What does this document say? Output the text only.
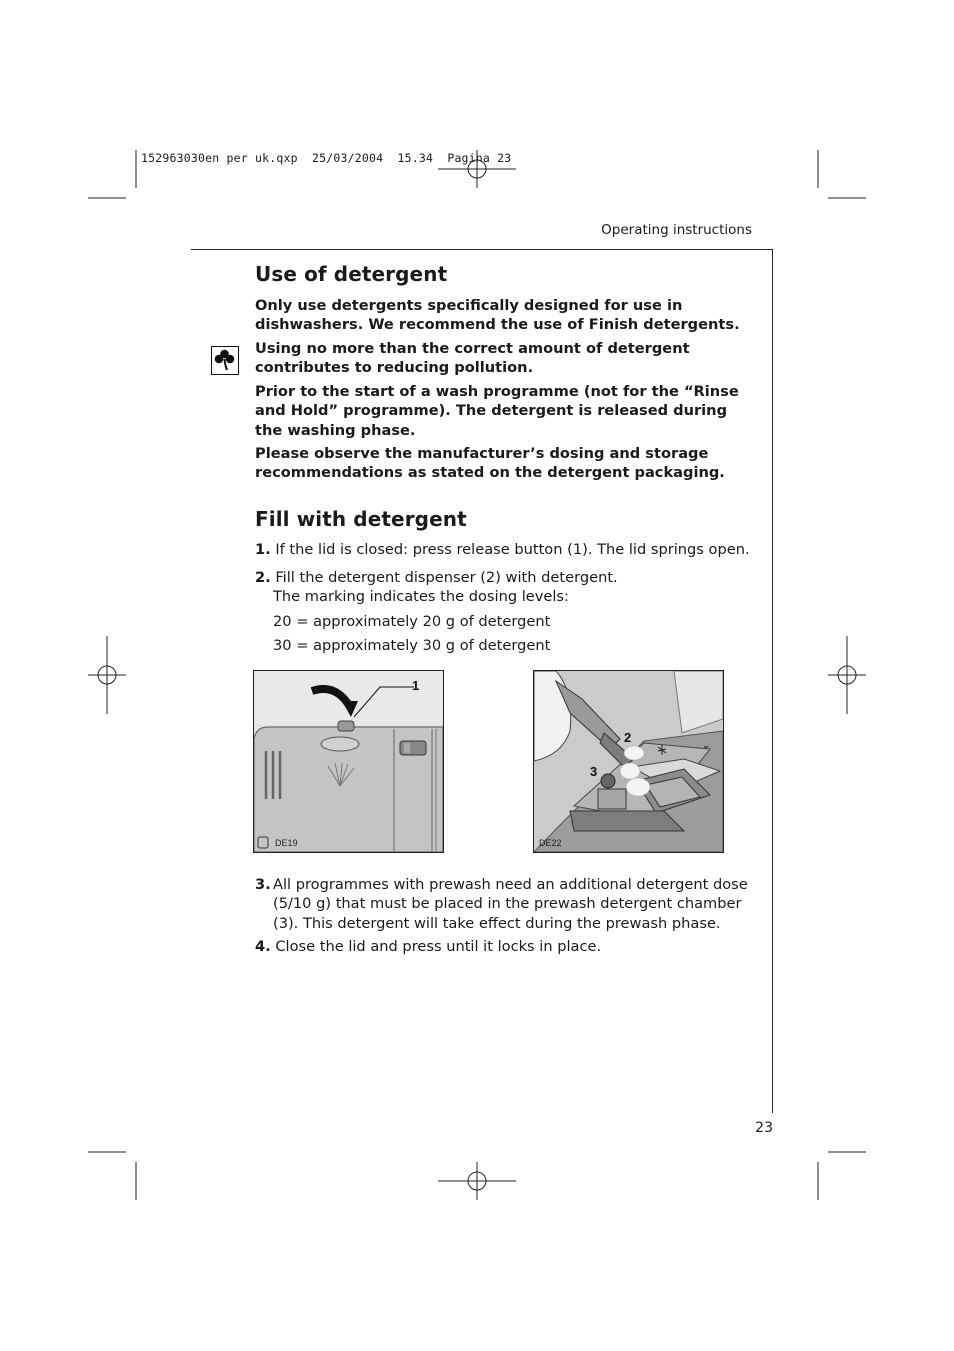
152963030en per uk.qxp  25/03/2004  15.34  Pagina 23
Operating instructions
Use of detergent
Only use detergents specifically designed for use in dishwashers. We recommend the use of Finish detergents.
Using no more than the correct amount of detergent contributes to reducing pollution.
Prior to the start of a wash programme (not for the “Rinse and Hold” programme). The detergent is released during the washing phase.
Please observe the manufacturer’s dosing and storage recommendations as stated on the detergent packaging.
Fill with detergent
1. If the lid is closed: press release button (1). The lid springs open.
2. Fill the detergent dispenser (2) with detergent.
The marking indicates the dosing levels:
20 = approximately 20 g of detergent
30 = approximately 30 g of detergent
1
DE19
2
3
DE22
3. All programmes with prewash need an additional detergent dose (5/10 g) that must be placed in the prewash detergent chamber (3). This detergent will take effect during the prewash phase.
4. Close the lid and press until it locks in place.
23
